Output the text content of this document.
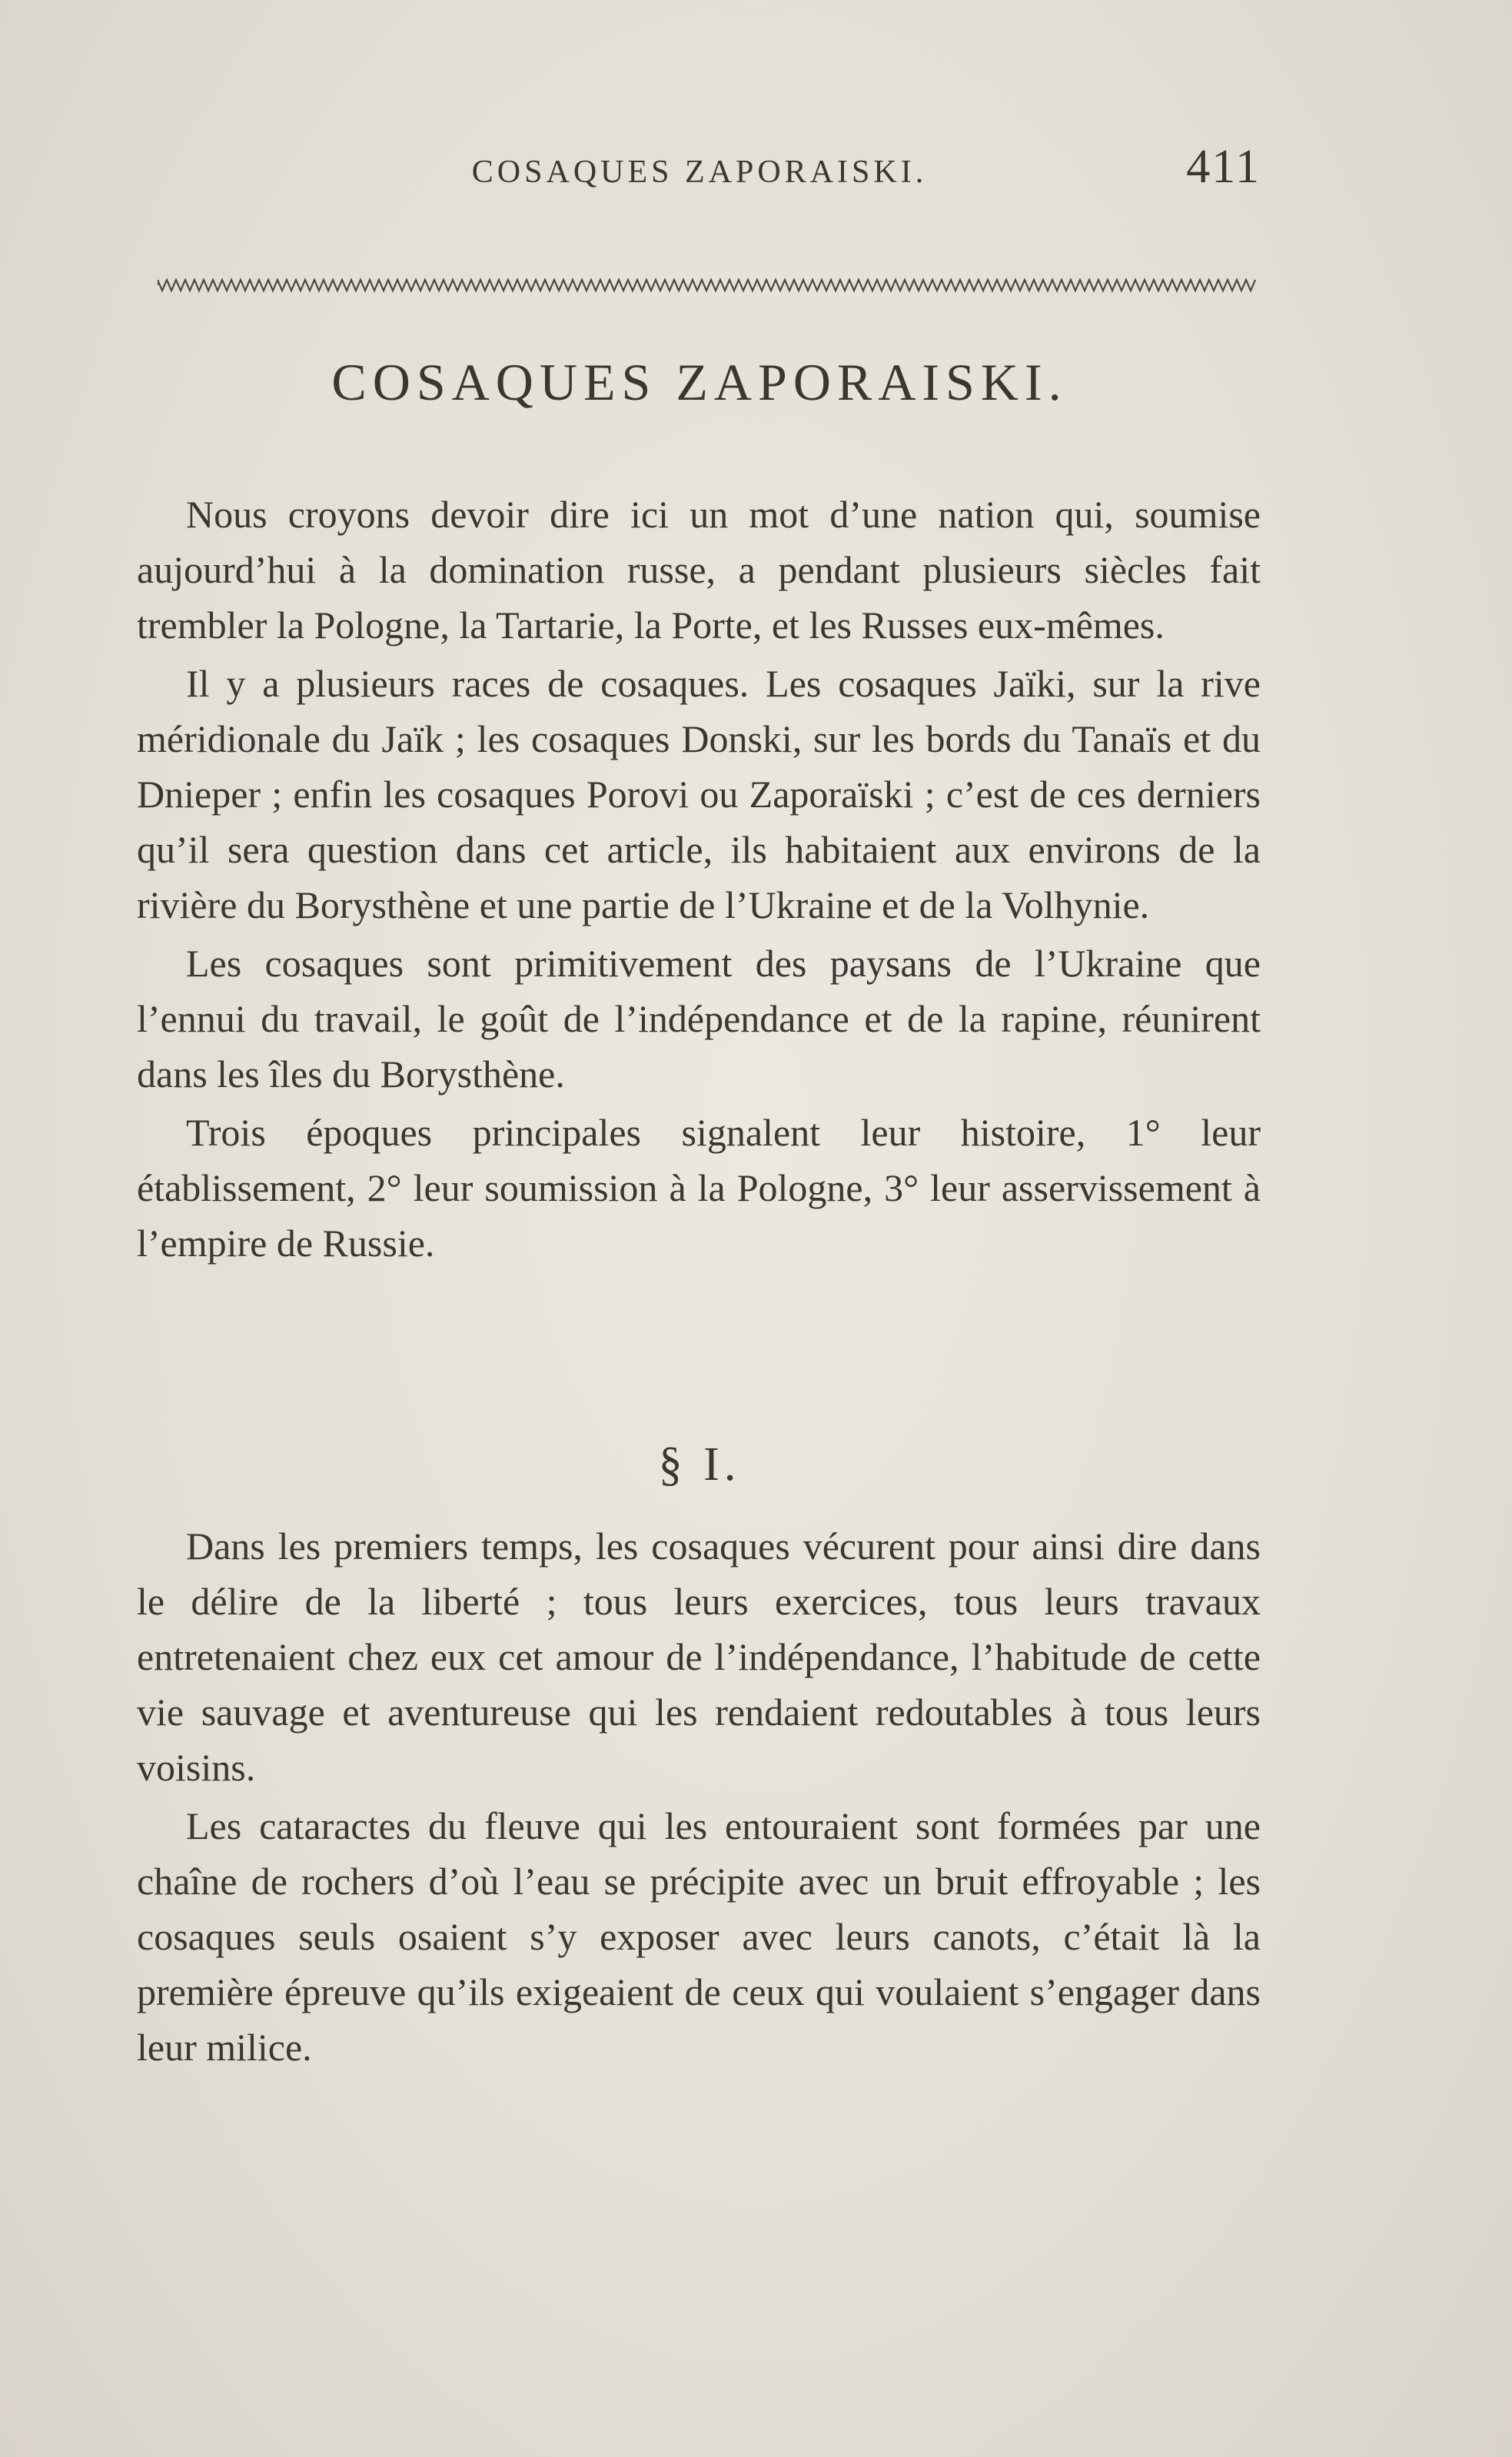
COSAQUES ZAPORAISKI.	411
COSAQUES ZAPORAISKI.

Nous croyons devoir dire ici un mot d’une nation qui, soumise aujourd’hui à la domination russe, a pendant plusieurs siècles fait trembler la Pologne, la Tartarie, la Porte, et les Russes eux-mêmes.

Il y a plusieurs races de cosaques. Les cosaques Jaïki, sur la rive méridionale du Jaïk ; les cosaques Donski, sur les bords du Tanaïs et du Dnieper ; enfin les cosaques Porovi ou Zaporaïski ; c’est de ces derniers qu’il sera question dans cet article, ils habitaient aux environs de la rivière du Borysthène et une partie de l’Ukraine et de la Volhynie.

Les cosaques sont primitivement des paysans de l’Ukraine que l’ennui du travail, le goût de l’indépendance et de la rapine, réunirent dans les îles du Borysthène.

Trois époques principales signalent leur histoire, 1° leur établissement, 2° leur soumission à la Pologne, 3° leur asservissement à l’empire de Russie.

§ I.

Dans les premiers temps, les cosaques vécurent pour ainsi dire dans le délire de la liberté ; tous leurs exercices, tous leurs travaux entretenaient chez eux cet amour de l’indépendance, l’habitude de cette vie sauvage et aventureuse qui les rendaient redoutables à tous leurs voisins.

Les cataractes du fleuve qui les entouraient sont formées par une chaîne de rochers d’où l’eau se précipite avec un bruit effroyable ; les cosaques seuls osaient s’y exposer avec leurs canots, c’était là la première épreuve qu’ils exigeaient de ceux qui voulaient s’engager dans leur milice.
